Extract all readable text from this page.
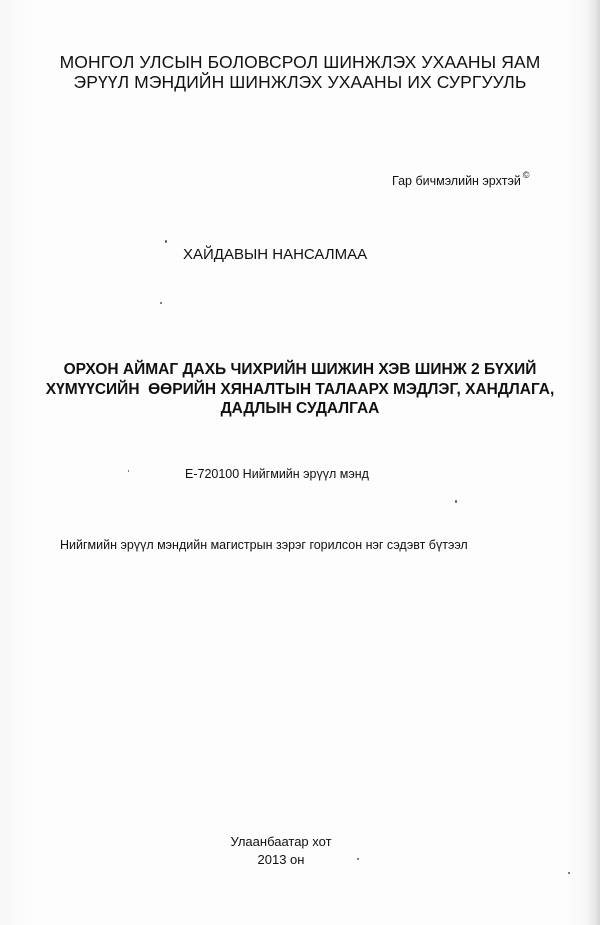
МОНГОЛ УЛСЫН БОЛОВСРОЛ ШИНЖЛЭХ УХААНЫ ЯАМ
ЭРҮҮЛ МЭНДИЙН ШИНЖЛЭХ УХААНЫ ИХ СУРГУУЛЬ
Гар бичмэлийн эрхтэй ©
ХАЙДАВЫН НАНСАЛМАА
ОРХОН АЙМАГ ДАХЬ ЧИХРИЙН ШИЖИН ХЭВ ШИНЖ 2 БҮХИЙ
ХҮМҮҮСИЙН  ӨӨРИЙН ХЯНАЛТЫН ТАЛААРХ МЭДЛЭГ, ХАНДЛАГА,
ДАДЛЫН СУДАЛГАА
Е-720100 Нийгмийн эрүүл мэнд
Нийгмийн эрүүл мэндийн магистрын зэрэг горилсон нэг сэдэвт бүтээл
Улаанбаатар хот
2013 он
